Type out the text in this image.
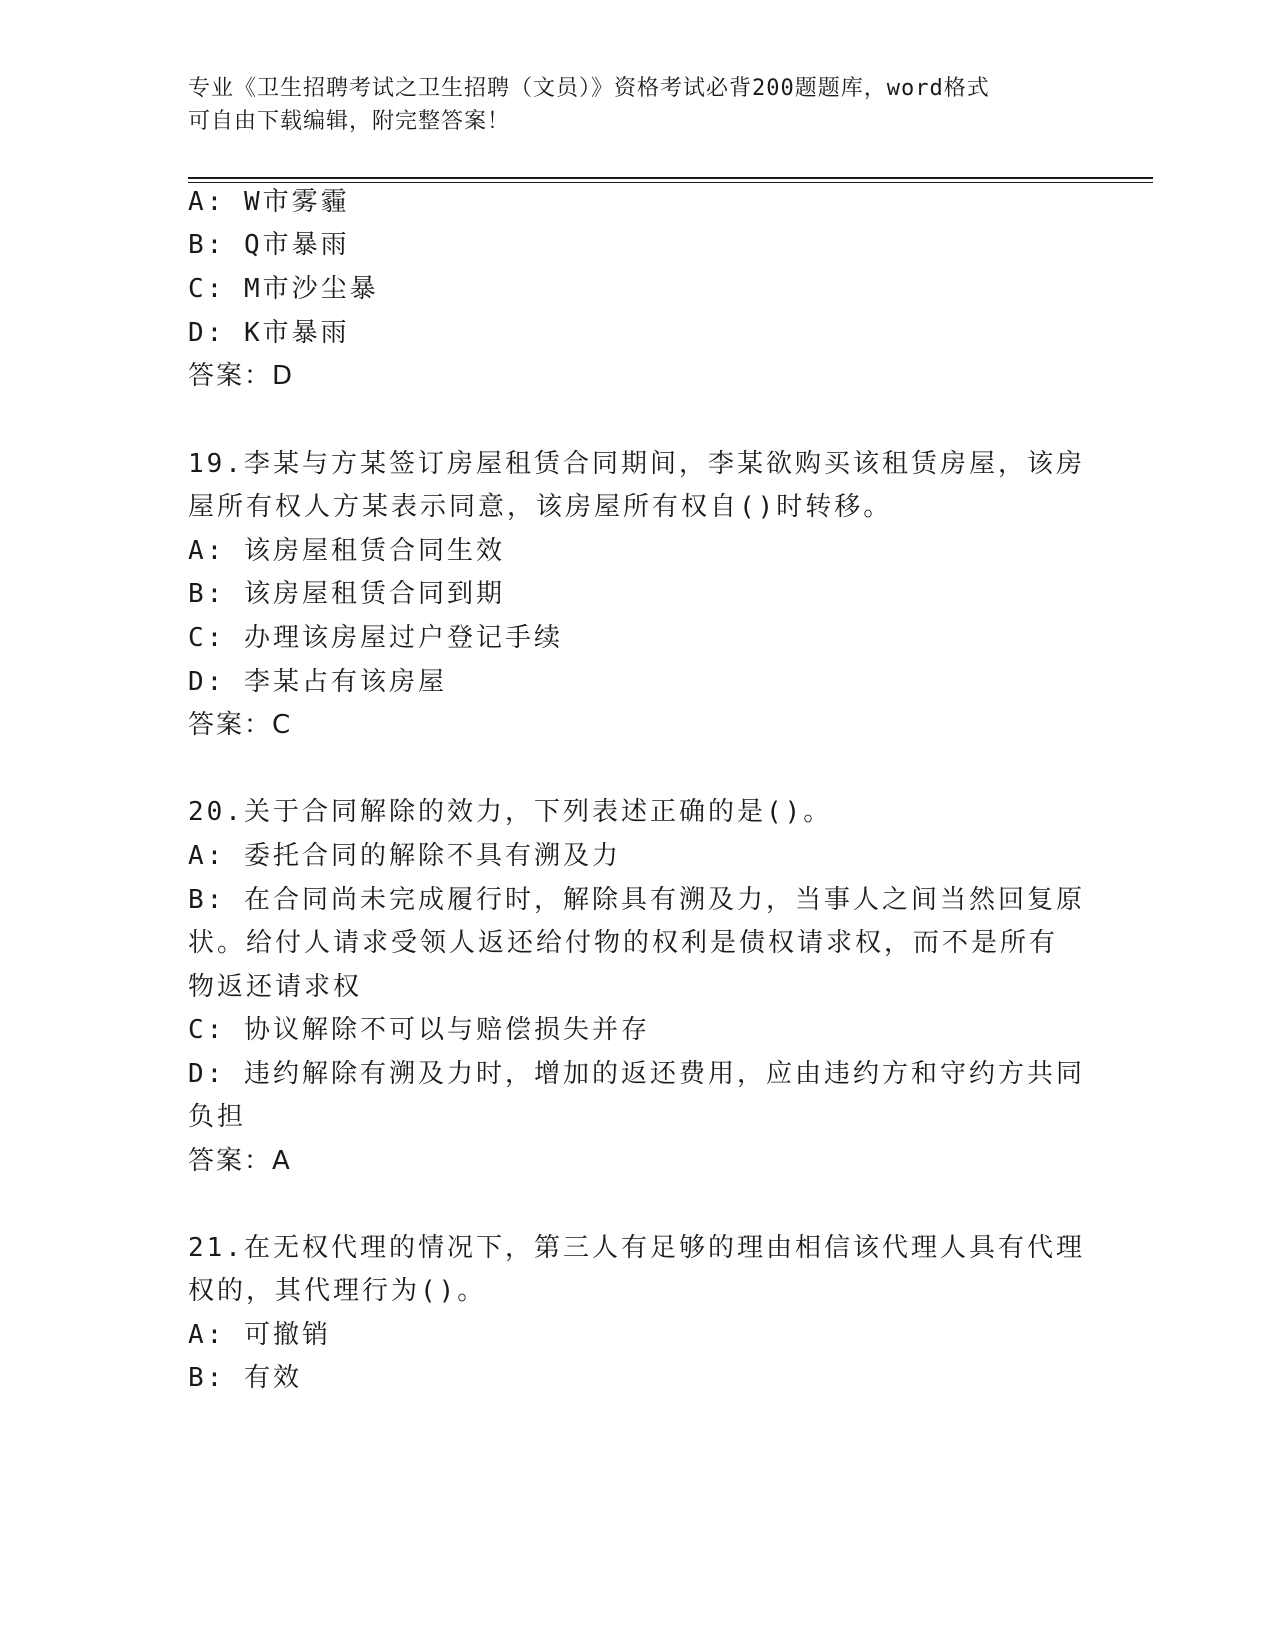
专业《卫生招聘考试之卫生招聘（文员）》资格考试必背200题题库，word格式
可自由下载编辑，附完整答案！
A: W市雾霾
B: Q市暴雨
C: M市沙尘暴
D: K市暴雨
答案：D
19.李某与方某签订房屋租赁合同期间，李某欲购买该租赁房屋，该房
屋所有权人方某表示同意，该房屋所有权自()时转移。
A: 该房屋租赁合同生效
B: 该房屋租赁合同到期
C: 办理该房屋过户登记手续
D: 李某占有该房屋
答案：C
20.关于合同解除的效力，下列表述正确的是()。
A: 委托合同的解除不具有溯及力
B: 在合同尚未完成履行时，解除具有溯及力，当事人之间当然回复原
状。给付人请求受领人返还给付物的权利是债权请求权，而不是所有
物返还请求权
C: 协议解除不可以与赔偿损失并存
D: 违约解除有溯及力时，增加的返还费用，应由违约方和守约方共同
负担
答案：A
21.在无权代理的情况下，第三人有足够的理由相信该代理人具有代理
权的，其代理行为()。
A: 可撤销
B: 有效
